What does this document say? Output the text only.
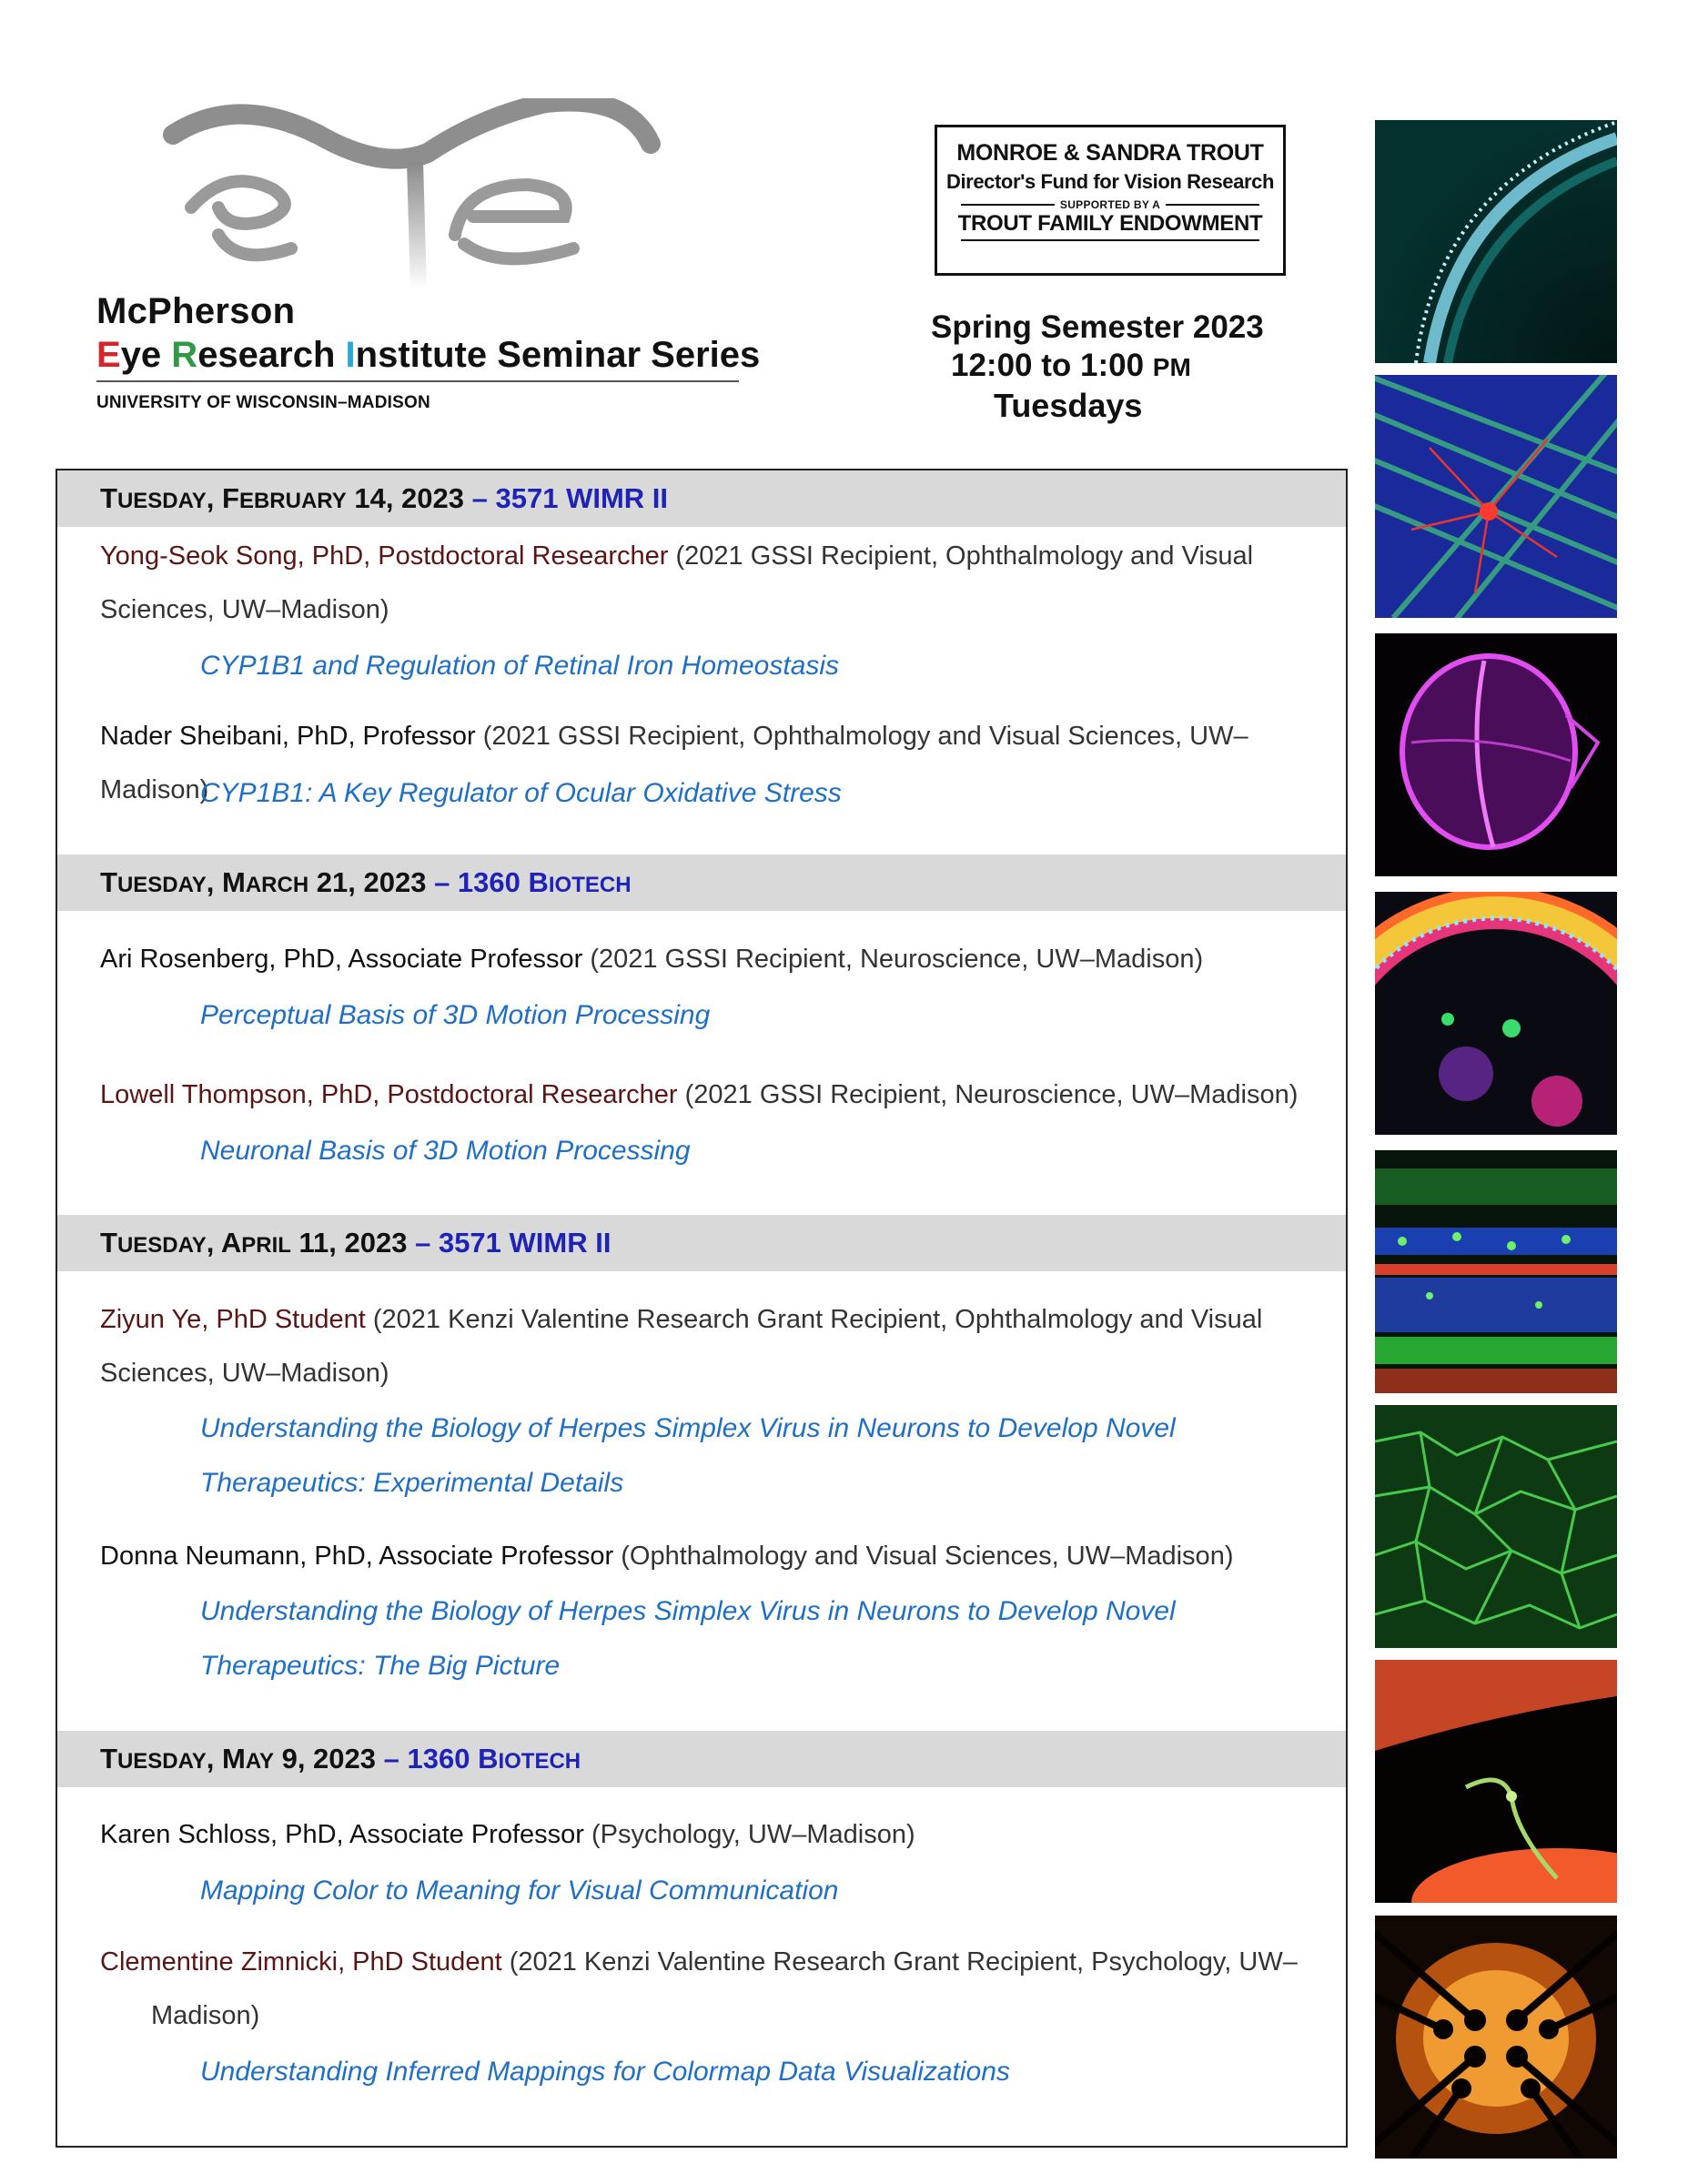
McPherson
Eye Research Institute Seminar Series
UNIVERSITY OF WISCONSIN–MADISON
MONROE & SANDRA TROUT
Director's Fund for Vision Research
SUPPORTED BY A
TROUT FAMILY ENDOWMENT
Spring Semester 2023
12:00 to 1:00 PM
Tuesdays
TUESDAY, FEBRUARY 14, 2023 – 3571 WIMR II
Yong-Seok Song, PhD, Postdoctoral Researcher (2021 GSSI Recipient, Ophthalmology and Visual
Sciences, UW–Madison)
CYP1B1 and Regulation of Retinal Iron Homeostasis
Nader Sheibani, PhD, Professor (2021 GSSI Recipient, Ophthalmology and Visual Sciences, UW–Madison)
CYP1B1: A Key Regulator of Ocular Oxidative Stress
TUESDAY, MARCH 21, 2023 – 1360 BIOTECH
Ari Rosenberg, PhD, Associate Professor (2021 GSSI Recipient, Neuroscience, UW–Madison)
Perceptual Basis of 3D Motion Processing
Lowell Thompson, PhD, Postdoctoral Researcher (2021 GSSI Recipient, Neuroscience, UW–Madison)
Neuronal Basis of 3D Motion Processing
TUESDAY, APRIL 11, 2023 – 3571 WIMR II
Ziyun Ye, PhD Student (2021 Kenzi Valentine Research Grant Recipient, Ophthalmology and Visual
Sciences, UW–Madison)
Understanding the Biology of Herpes Simplex Virus in Neurons to Develop Novel
Therapeutics: Experimental Details
Donna Neumann, PhD, Associate Professor (Ophthalmology and Visual Sciences, UW–Madison)
Understanding the Biology of Herpes Simplex Virus in Neurons to Develop Novel
Therapeutics: The Big Picture
TUESDAY, MAY 9, 2023 – 1360 BIOTECH
Karen Schloss, PhD, Associate Professor (Psychology, UW–Madison)
Mapping Color to Meaning for Visual Communication
Clementine Zimnicki, PhD Student (2021 Kenzi Valentine Research Grant Recipient, Psychology, UW–
Madison)
Understanding Inferred Mappings for Colormap Data Visualizations
